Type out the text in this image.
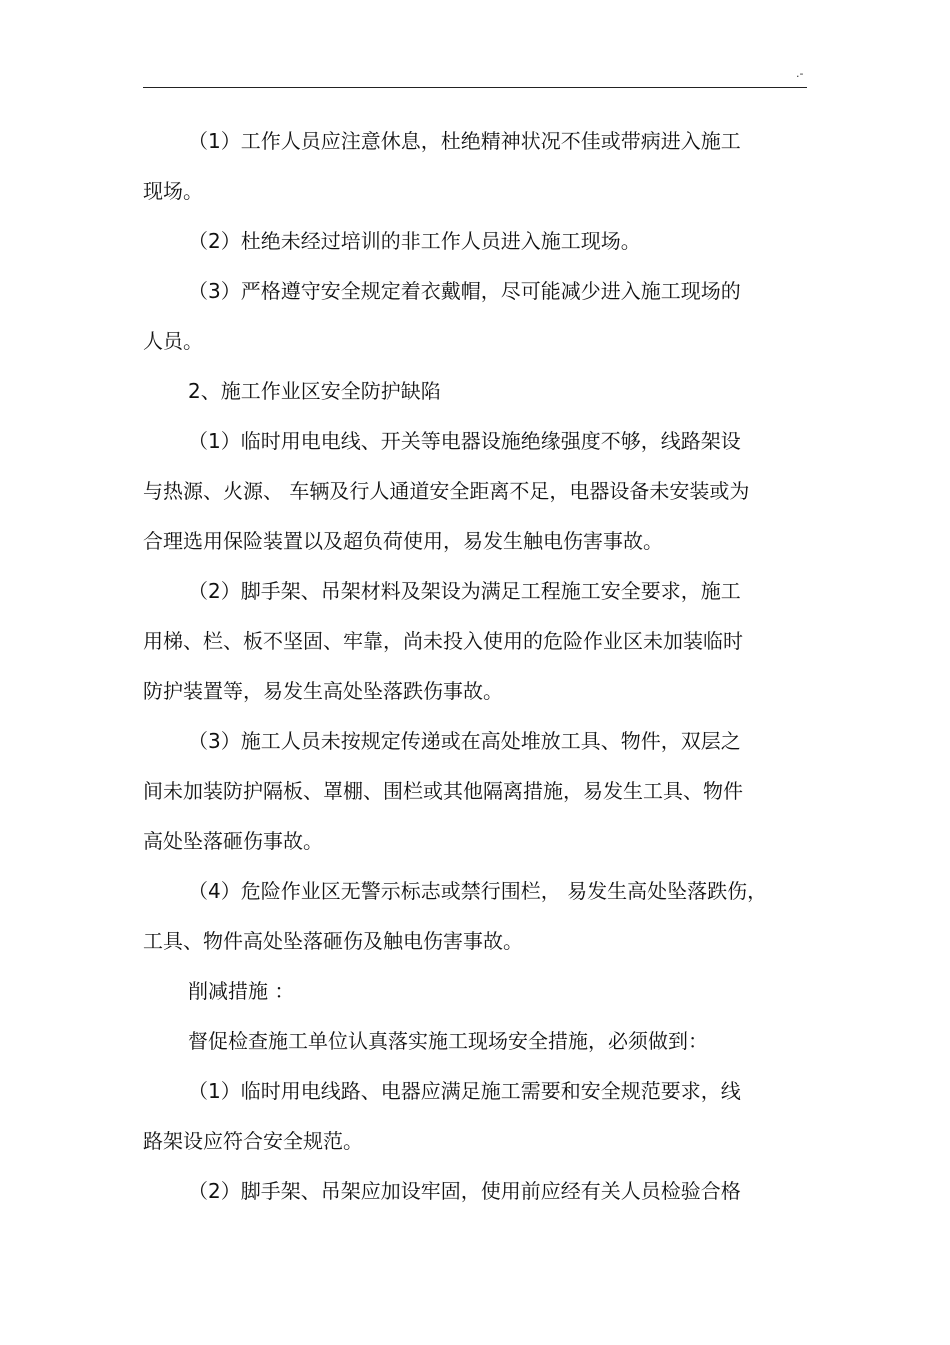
.-
（1）工作人员应注意休息，杜绝精神状况不佳或带病进入施工
现场。
（2）杜绝未经过培训的非工作人员进入施工现场。
（3）严格遵守安全规定着衣戴帽，尽可能减少进入施工现场的
人员。
2、施工作业区安全防护缺陷
（1）临时用电电线、开关等电器设施绝缘强度不够，线路架设
与热源、火源、 车辆及行人通道安全距离不足，电器设备未安装或为
合理选用保险装置以及超负荷使用，易发生触电伤害事故。
（2）脚手架、吊架材料及架设为满足工程施工安全要求，施工
用梯、栏、板不坚固、牢靠，尚未投入使用的危险作业区未加装临时
防护装置等，易发生高处坠落跌伤事故。
（3）施工人员未按规定传递或在高处堆放工具、物件，双层之
间未加装防护隔板、罩棚、围栏或其他隔离措施，易发生工具、物件
高处坠落砸伤事故。
（4）危险作业区无警示标志或禁行围栏， 易发生高处坠落跌伤，
工具、物件高处坠落砸伤及触电伤害事故。
削减措施 ：
督促检查施工单位认真落实施工现场安全措施，必须做到：
（1）临时用电线路、电器应满足施工需要和安全规范要求，线
路架设应符合安全规范。
（2）脚手架、吊架应加设牢固，使用前应经有关人员检验合格
